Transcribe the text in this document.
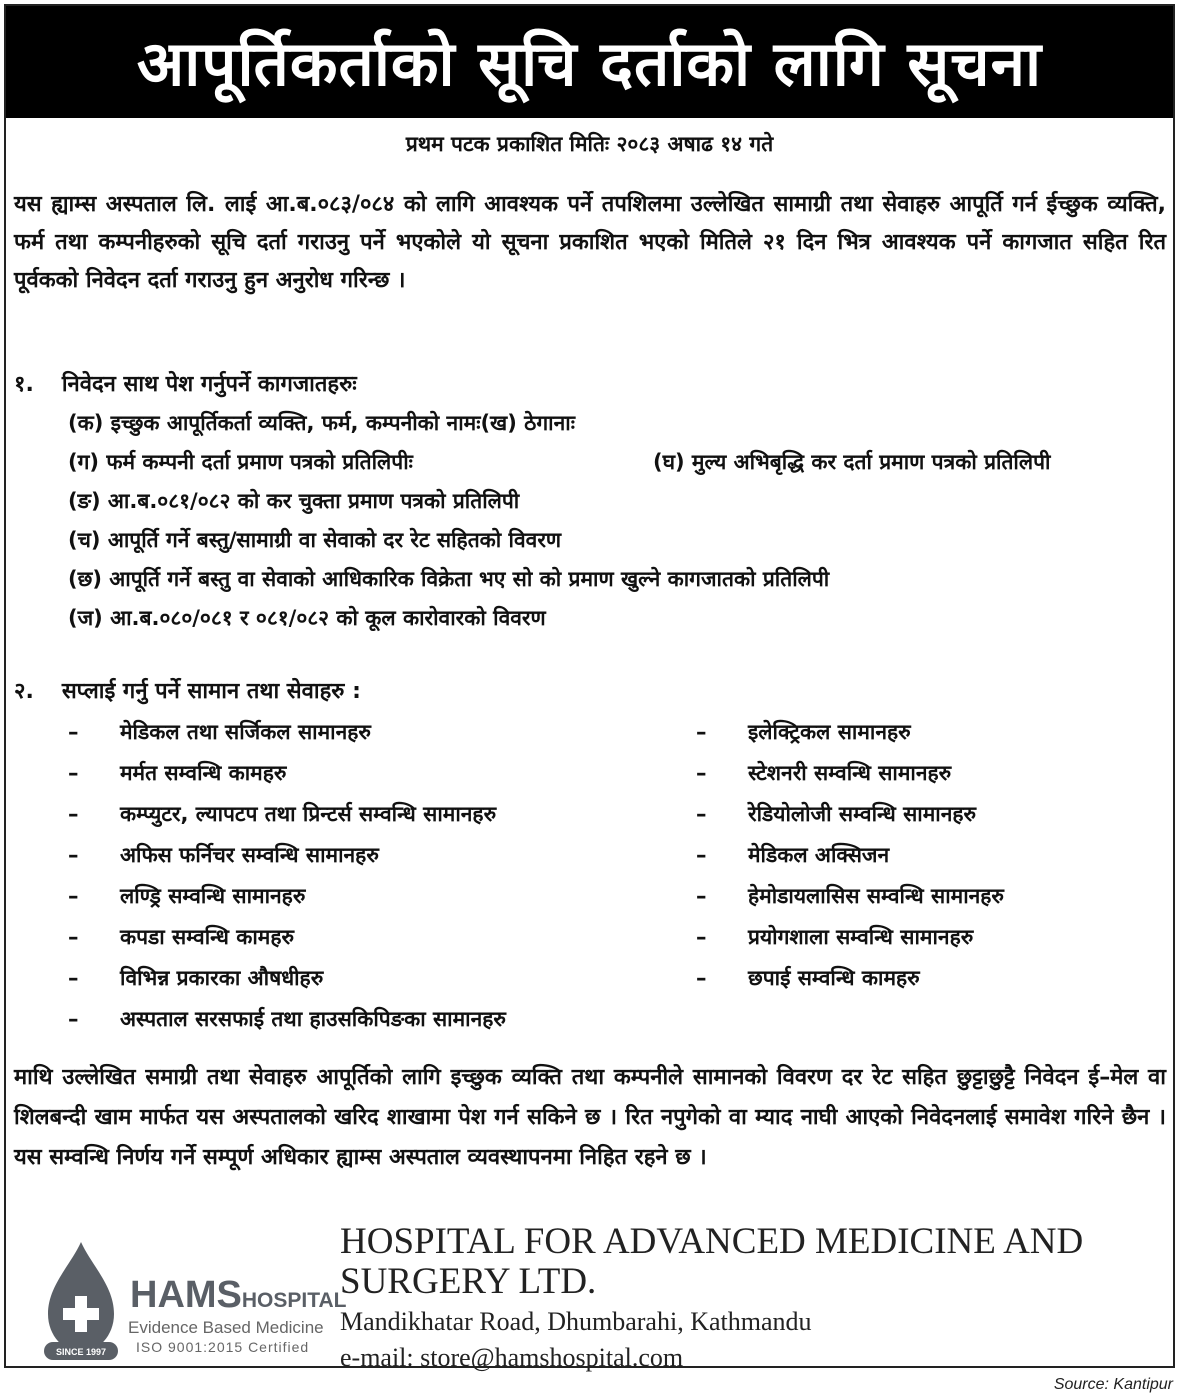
आपूर्तिकर्ताको सूचि दर्ताको लागि सूचना
प्रथम पटक प्रकाशित मितिः २०८३ अषाढ १४ गते
यस ह्याम्स अस्पताल लि. लाई आ.ब.०८३/०८४ को लागि आवश्यक पर्ने तपशिलमा उल्लेखित सामाग्री तथा सेवाहरु आपूर्ति गर्न ईच्छुक व्यक्ति, फर्म तथा कम्पनीहरुको सूचि दर्ता गराउनु पर्ने भएकोले यो सूचना प्रकाशित भएको मितिले २१ दिन भित्र आवश्यक पर्ने कागजात सहित रित पूर्वकको निवेदन दर्ता गराउनु हुन अनुरोध गरिन्छ ।
१. निवेदन साथ पेश गर्नुपर्ने कागजातहरुः
(क) इच्छुक आपूर्तिकर्ता व्यक्ति, फर्म, कम्पनीको नामः(ख) ठेगानाः
(ग) फर्म कम्पनी दर्ता प्रमाण पत्रको प्रतिलिपीः	(घ) मुल्य अभिबृद्धि कर दर्ता प्रमाण पत्रको प्रतिलिपी
(ङ) आ.ब.०८१/०८२ को कर चुक्ता प्रमाण पत्रको प्रतिलिपी
(च) आपूर्ति गर्ने बस्तु/सामाग्री वा सेवाको दर रेट सहितको विवरण
(छ) आपूर्ति गर्ने बस्तु वा सेवाको आधिकारिक विक्रेता भए सो को प्रमाण खुल्ने कागजातको प्रतिलिपी
(ज) आ.ब.०८०/०८१ र ०८१/०८२ को कूल कारोवारको विवरण
२. सप्लाई गर्नु पर्ने सामान तथा सेवाहरु :
–	मेडिकल तथा सर्जिकल सामानहरु
–	मर्मत सम्वन्धि कामहरु
–	कम्प्युटर, ल्यापटप तथा प्रिन्टर्स सम्वन्धि सामानहरु
–	अफिस फर्निचर सम्वन्धि सामानहरु
–	लण्ड्रि सम्वन्धि सामानहरु
–	कपडा सम्वन्धि कामहरु
–	विभिन्न प्रकारका औषधीहरु
–	अस्पताल सरसफाई तथा हाउसकिपिङका सामानहरु
–	इलेक्ट्रिकल सामानहरु
–	स्टेशनरी सम्वन्धि सामानहरु
–	रेडियोलोजी सम्वन्धि सामानहरु
–	मेडिकल अक्सिजन
–	हेमोडायलासिस सम्वन्धि सामानहरु
–	प्रयोगशाला सम्वन्धि सामानहरु
–	छपाई सम्वन्धि कामहरु
माथि उल्लेखित समाग्री तथा सेवाहरु आपूर्तिको लागि इच्छुक व्यक्ति तथा कम्पनीले सामानको विवरण दर रेट सहित छुट्टाछुट्टै निवेदन ई–मेल वा शिलबन्दी खाम मार्फत यस अस्पतालको खरिद शाखामा पेश गर्न सकिने छ । रित नपुगेको वा म्याद नाघी आएको निवेदनलाई समावेश गरिने छैन । यस सम्वन्धि निर्णय गर्ने सम्पूर्ण अधिकार ह्याम्स अस्पताल व्यवस्थापनमा निहित रहने छ ।
SINCE 1997
HAMSHOSPITAL
Evidence Based Medicine
ISO 9001:2015 Certified
HOSPITAL FOR ADVANCED MEDICINE AND SURGERY LTD.
Mandikhatar Road, Dhumbarahi, Kathmandu
e-mail: store@hamshospital.com
Source: Kantipur
